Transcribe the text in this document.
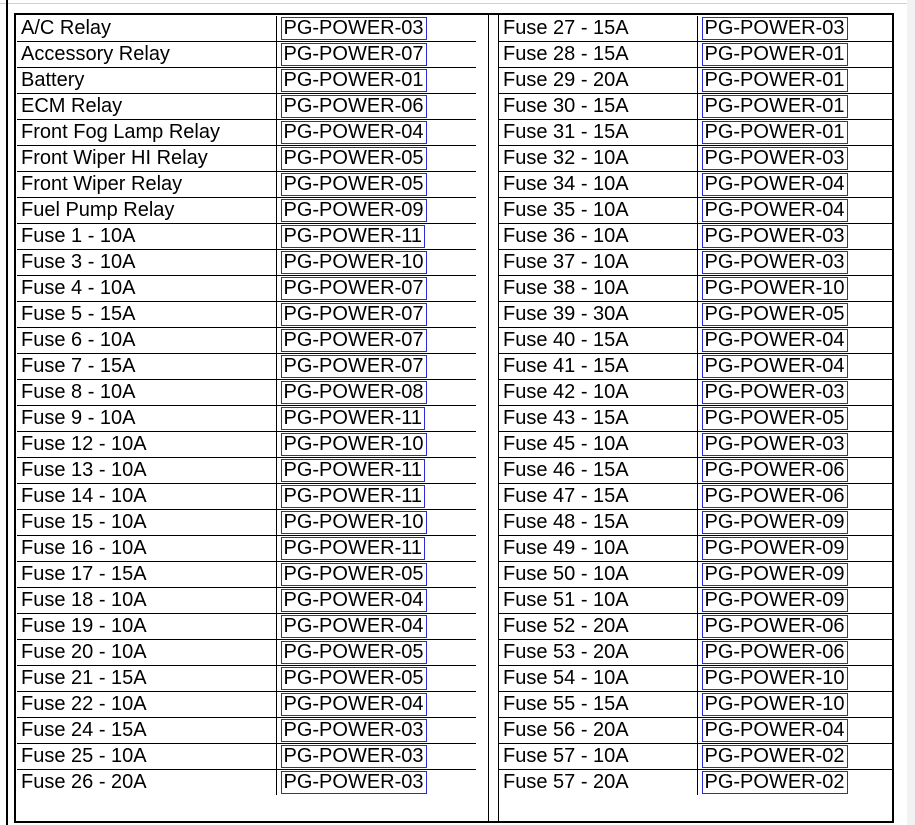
A/C Relay	PG-POWER-03
Accessory Relay	PG-POWER-07
Battery	PG-POWER-01
ECM Relay	PG-POWER-06
Front Fog Lamp Relay	PG-POWER-04
Front Wiper HI Relay	PG-POWER-05
Front Wiper Relay	PG-POWER-05
Fuel Pump Relay	PG-POWER-09
Fuse 1 - 10A	PG-POWER-11
Fuse 3 - 10A	PG-POWER-10
Fuse 4 - 10A	PG-POWER-07
Fuse 5 - 15A	PG-POWER-07
Fuse 6 - 10A	PG-POWER-07
Fuse 7 - 15A	PG-POWER-07
Fuse 8 - 10A	PG-POWER-08
Fuse 9 - 10A	PG-POWER-11
Fuse 12 - 10A	PG-POWER-10
Fuse 13 - 10A	PG-POWER-11
Fuse 14 - 10A	PG-POWER-11
Fuse 15 - 10A	PG-POWER-10
Fuse 16 - 10A	PG-POWER-11
Fuse 17 - 15A	PG-POWER-05
Fuse 18 - 10A	PG-POWER-04
Fuse 19 - 10A	PG-POWER-04
Fuse 20 - 10A	PG-POWER-05
Fuse 21 - 15A	PG-POWER-05
Fuse 22 - 10A	PG-POWER-04
Fuse 24 - 15A	PG-POWER-03
Fuse 25 - 10A	PG-POWER-03
Fuse 26 - 20A	PG-POWER-03
Fuse 27 - 15A	PG-POWER-03
Fuse 28 - 15A	PG-POWER-01
Fuse 29 - 20A	PG-POWER-01
Fuse 30 - 15A	PG-POWER-01
Fuse 31 - 15A	PG-POWER-01
Fuse 32 - 10A	PG-POWER-03
Fuse 34 - 10A	PG-POWER-04
Fuse 35 - 10A	PG-POWER-04
Fuse 36 - 10A	PG-POWER-03
Fuse 37 - 10A	PG-POWER-03
Fuse 38 - 10A	PG-POWER-10
Fuse 39 - 30A	PG-POWER-05
Fuse 40 - 15A	PG-POWER-04
Fuse 41 - 15A	PG-POWER-04
Fuse 42 - 10A	PG-POWER-03
Fuse 43 - 15A	PG-POWER-05
Fuse 45 - 10A	PG-POWER-03
Fuse 46 - 15A	PG-POWER-06
Fuse 47 - 15A	PG-POWER-06
Fuse 48 - 15A	PG-POWER-09
Fuse 49 - 10A	PG-POWER-09
Fuse 50 - 10A	PG-POWER-09
Fuse 51 - 10A	PG-POWER-09
Fuse 52 - 20A	PG-POWER-06
Fuse 53 - 20A	PG-POWER-06
Fuse 54 - 10A	PG-POWER-10
Fuse 55 - 15A	PG-POWER-10
Fuse 56 - 20A	PG-POWER-04
Fuse 57 - 10A	PG-POWER-02
Fuse 57 - 20A	PG-POWER-02
